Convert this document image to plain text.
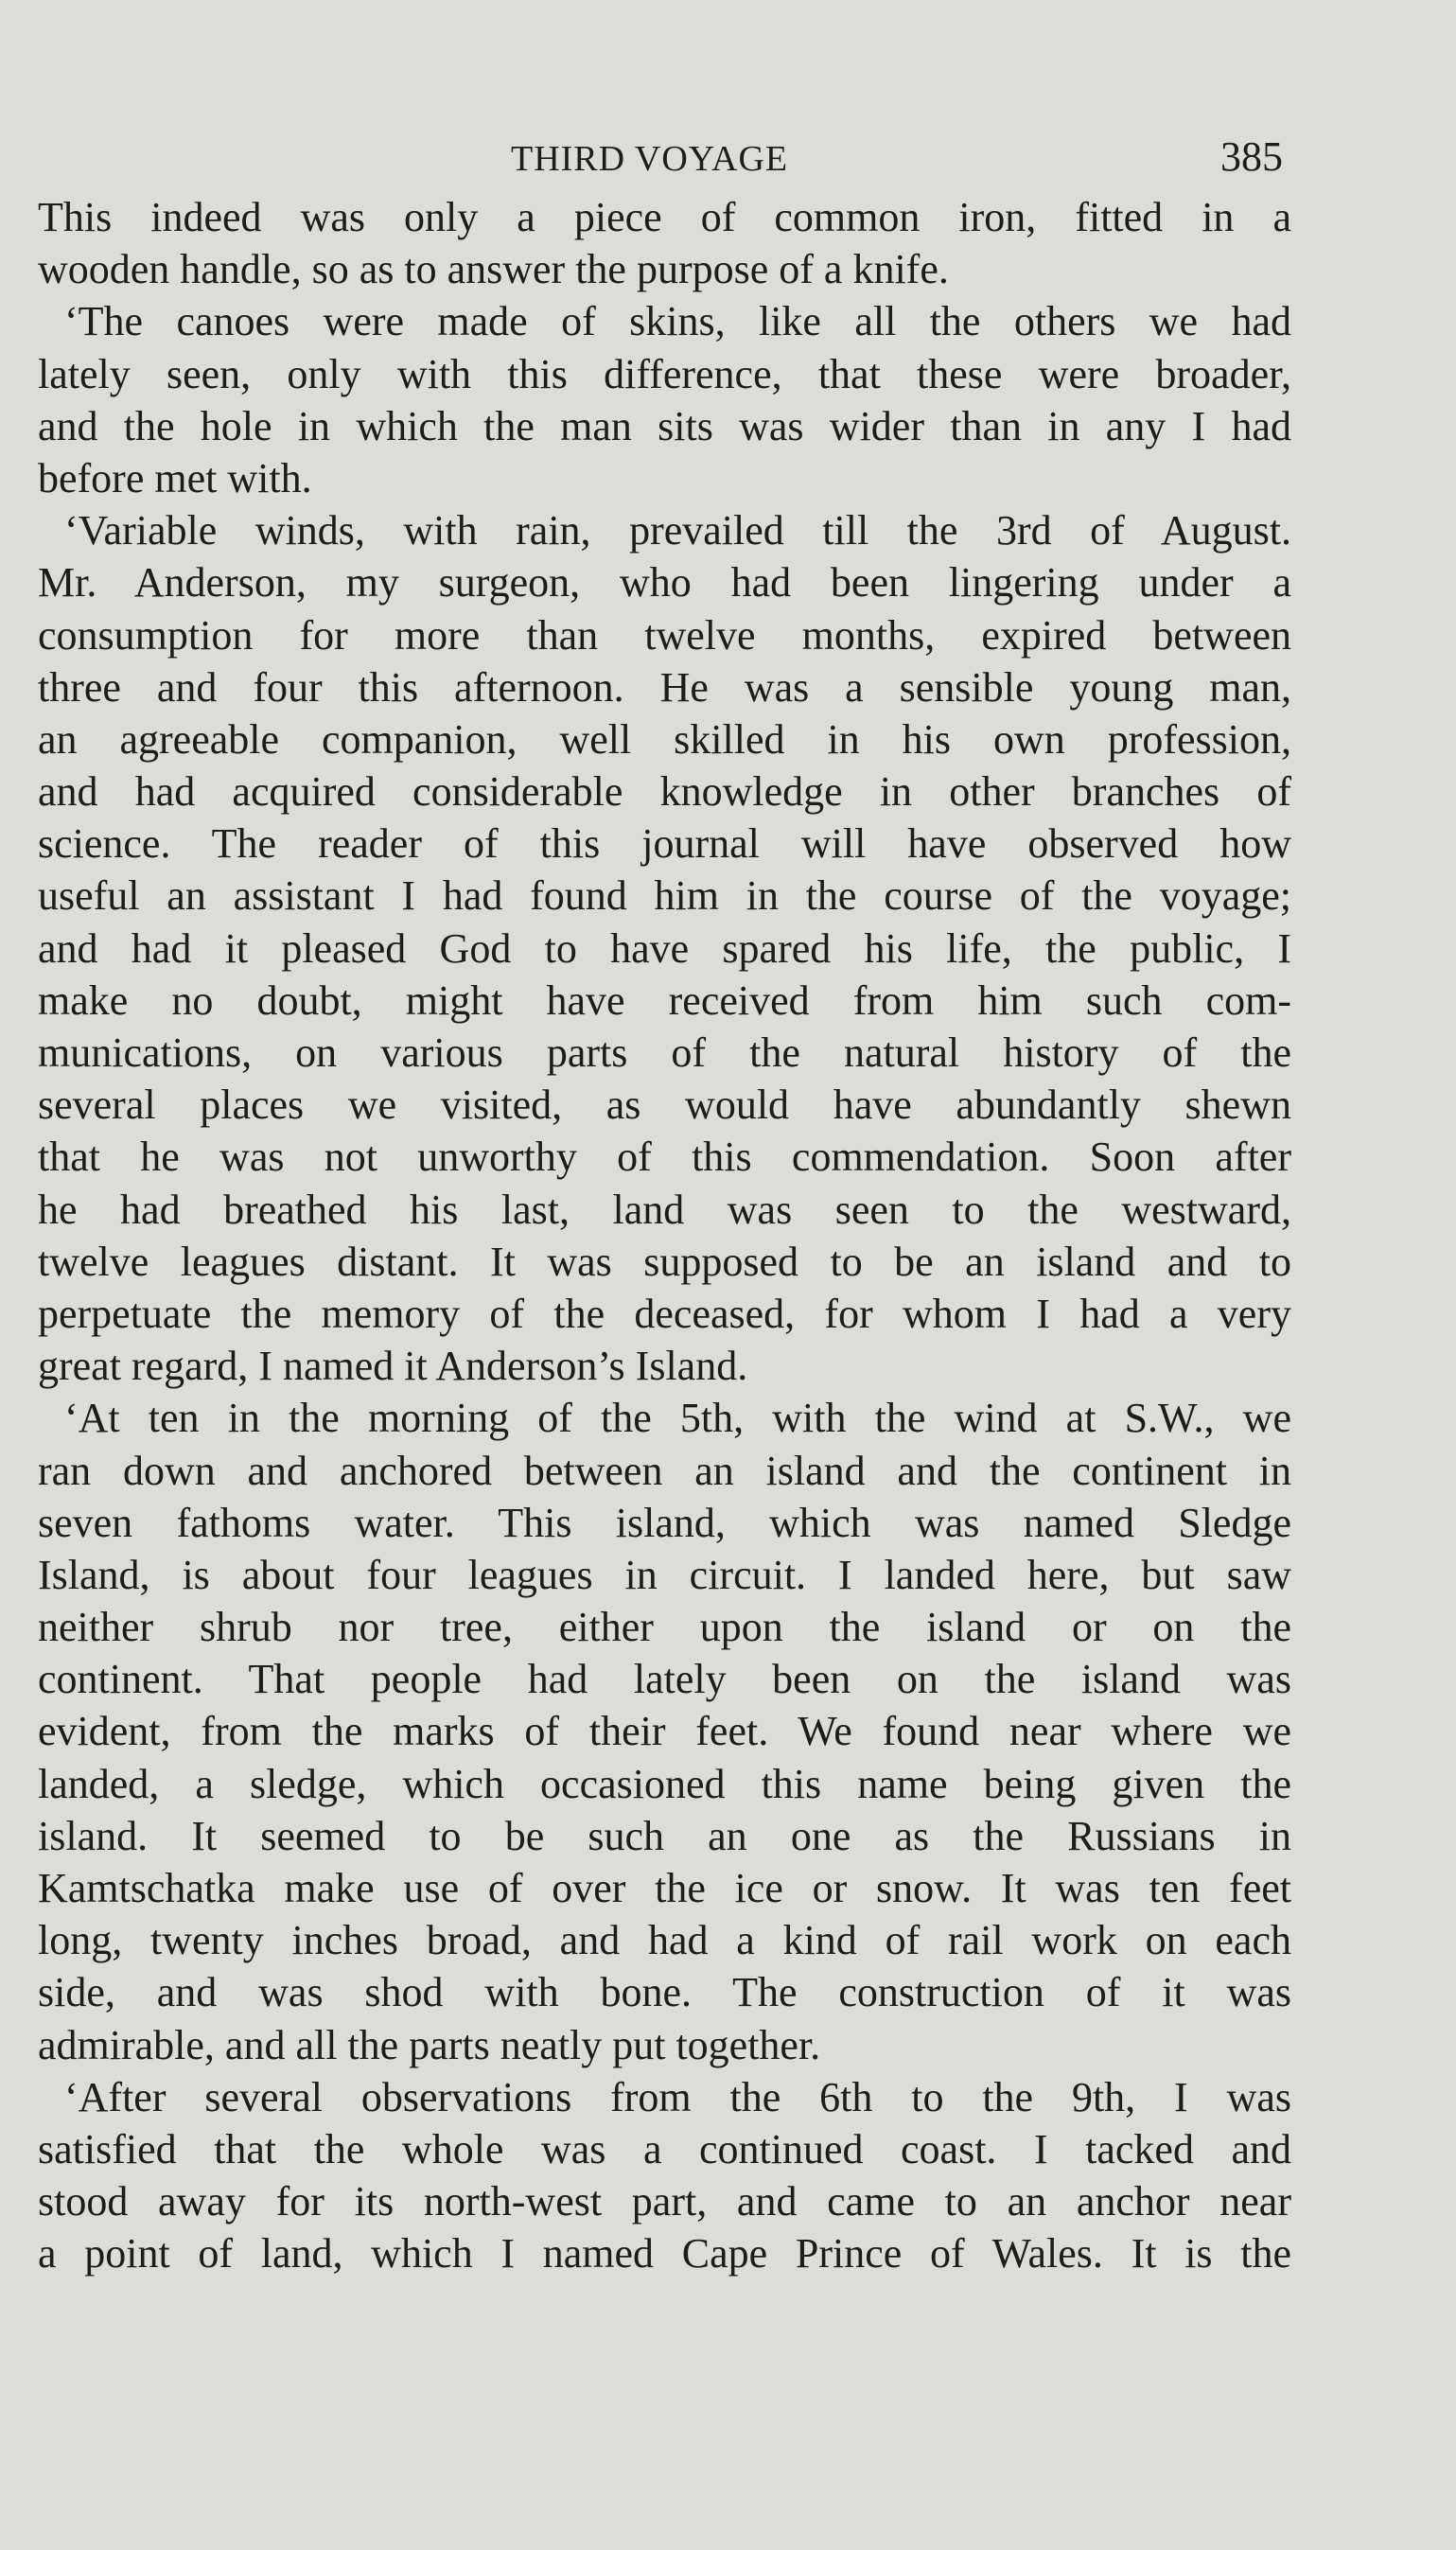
THIRD VOYAGE	385
This indeed was only a piece of common iron, fitted in a
wooden handle, so as to answer the purpose of a knife.
‘The canoes were made of skins, like all the others we had
lately seen, only with this difference, that these were broader,
and the hole in which the man sits was wider than in any I had
before met with.
‘Variable winds, with rain, prevailed till the 3rd of August.
Mr. Anderson, my surgeon, who had been lingering under a
consumption for more than twelve months, expired between
three and four this afternoon. He was a sensible young man,
an agreeable companion, well skilled in his own profession,
and had acquired considerable knowledge in other branches of
science. The reader of this journal will have observed how
useful an assistant I had found him in the course of the voyage;
and had it pleased God to have spared his life, the public, I
make no doubt, might have received from him such com-
munications, on various parts of the natural history of the
several places we visited, as would have abundantly shewn
that he was not unworthy of this commendation. Soon after
he had breathed his last, land was seen to the westward,
twelve leagues distant. It was supposed to be an island and to
perpetuate the memory of the deceased, for whom I had a very
great regard, I named it Anderson’s Island.
‘At ten in the morning of the 5th, with the wind at S.W., we
ran down and anchored between an island and the continent in
seven fathoms water. This island, which was named Sledge
Island, is about four leagues in circuit. I landed here, but saw
neither shrub nor tree, either upon the island or on the
continent. That people had lately been on the island was
evident, from the marks of their feet. We found near where we
landed, a sledge, which occasioned this name being given the
island. It seemed to be such an one as the Russians in
Kamtschatka make use of over the ice or snow. It was ten feet
long, twenty inches broad, and had a kind of rail work on each
side, and was shod with bone. The construction of it was
admirable, and all the parts neatly put together.
‘After several observations from the 6th to the 9th, I was
satisfied that the whole was a continued coast. I tacked and
stood away for its north-west part, and came to an anchor near
a point of land, which I named Cape Prince of Wales. It is the
